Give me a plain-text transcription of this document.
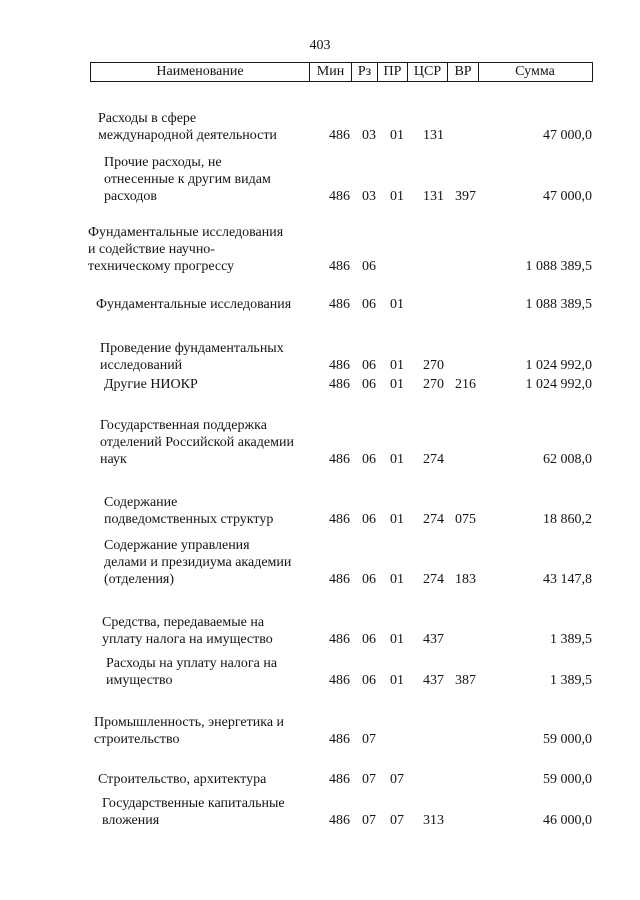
403
Наименование	Мин Рз ПР ЦСР ВР	Сумма
Расходы в сфере
международной деятельности	486 03 01 131	47 000,0
Прочие расходы, не
отнесенные к другим видам
расходов	486 03 01 131 397	47 000,0
Фундаментальные исследования
и содействие научно-
техническому прогрессу	486 06	1 088 389,5
Фундаментальные исследования	486 06 01	1 088 389,5
Проведение фундаментальных
исследований	486 06 01 270	1 024 992,0
Другие НИОКР	486 06 01 270 216	1 024 992,0
Государственная поддержка
отделений Российской академии
наук	486 06 01 274	62 008,0
Содержание
подведомственных структур	486 06 01 274 075	18 860,2
Содержание управления
делами и президиума академии
(отделения)	486 06 01 274 183	43 147,8
Средства, передаваемые на
уплату налога на имущество	486 06 01 437	1 389,5
Расходы на уплату налога на
имущество	486 06 01 437 387	1 389,5
Промышленность, энергетика и
строительство	486 07	59 000,0
Строительство, архитектура	486 07 07	59 000,0
Государственные капитальные
вложения	486 07 07 313	46 000,0
